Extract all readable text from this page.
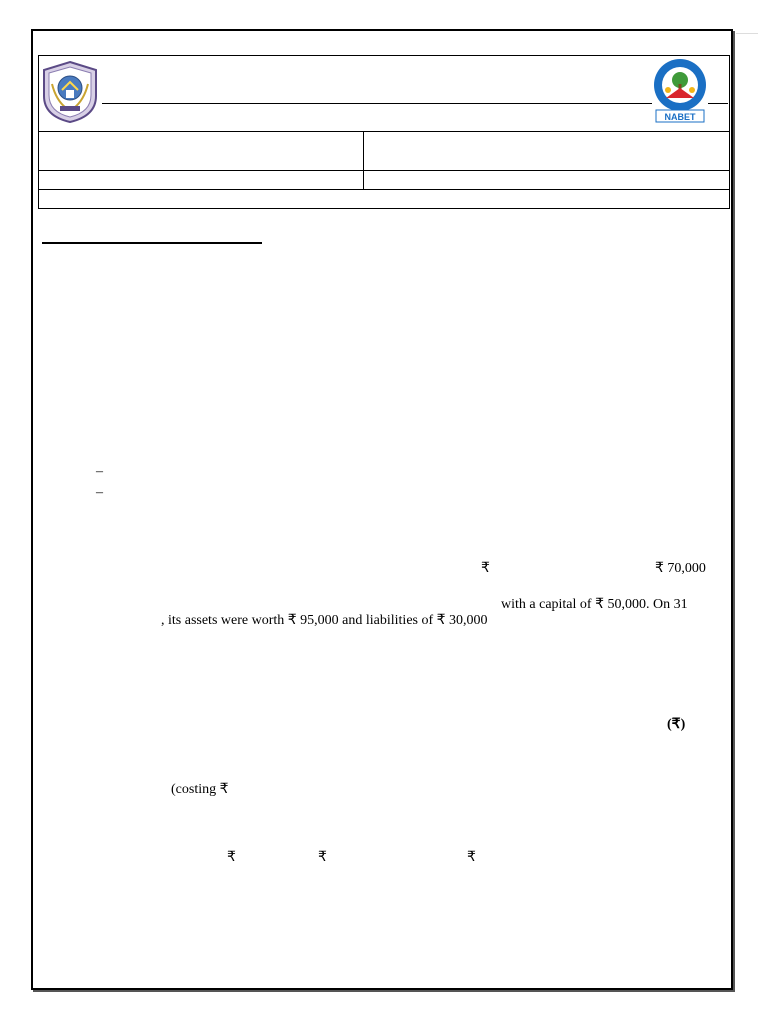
NABET

–
–
₹	₹ 70,000
with a capital of ₹ 50,000. On 31
, its assets were worth ₹ 95,000 and liabilities of ₹ 30,000
(₹)
(costing ₹
₹	₹	₹
